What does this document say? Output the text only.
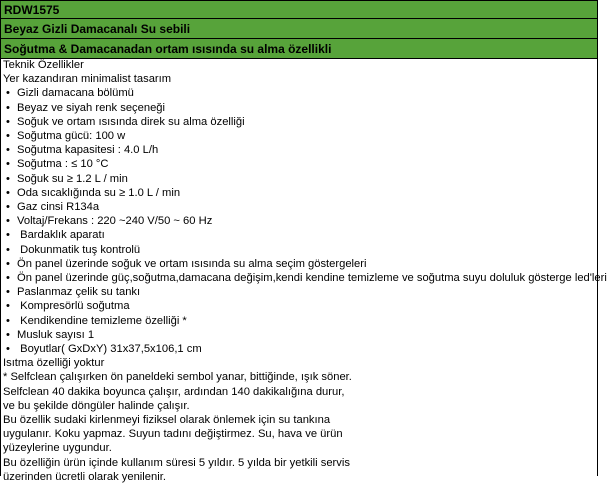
RDW1575
Beyaz Gizli Damacanalı Su sebili
Soğutma & Damacanadan ortam ısısında su alma özellikli
Teknik Özellikler
Yer kazandıran minimalist tasarım
• Gizli damacana bölümü
• Beyaz ve siyah renk seçeneği
• Soğuk ve ortam ısısında direk su alma özelliği
• Soğutma gücü: 100 w
• Soğutma kapasitesi : 4.0 L/h
• Soğutma : ≤ 10 °C
• Soğuk su ≥ 1.2 L / min
• Oda sıcaklığında su ≥ 1.0 L / min
• Gaz cinsi R134a
• Voltaj/Frekans : 220 ~240 V/50 ~ 60 Hz
• Bardaklık aparatı
• Dokunmatik tuş kontrolü
• Ön panel üzerinde soğuk ve ortam ısısında su alma seçim göstergeleri
• Ön panel üzerinde güç,soğutma,damacana değişim,kendi kendine temizleme ve soğutma suyu doluluk gösterge led'leri
• Paslanmaz çelik su tankı
• Kompresörlü soğutma
• Kendikendine temizleme özelliği *
• Musluk sayısı 1
• Boyutlar( GxDxY) 31x37,5x106,1 cm
Isıtma özelliği yoktur
* Selfclean çalışırken ön paneldeki sembol yanar, bittiğinde, ışık söner.
Selfclean 40 dakika boyunca çalışır, ardından 140 dakikalığına durur,
ve bu şekilde döngüler halinde çalışır.
Bu özellik sudaki kirlenmeyi fiziksel olarak önlemek için su tankına
uygulanır. Koku yapmaz. Suyun tadını değiştirmez. Su, hava ve ürün
yüzeylerine uygundur.
Bu özelliğin ürün içinde kullanım süresi 5 yıldır. 5 yılda bir yetkili servis
üzerinden ücretli olarak yenilenir.
